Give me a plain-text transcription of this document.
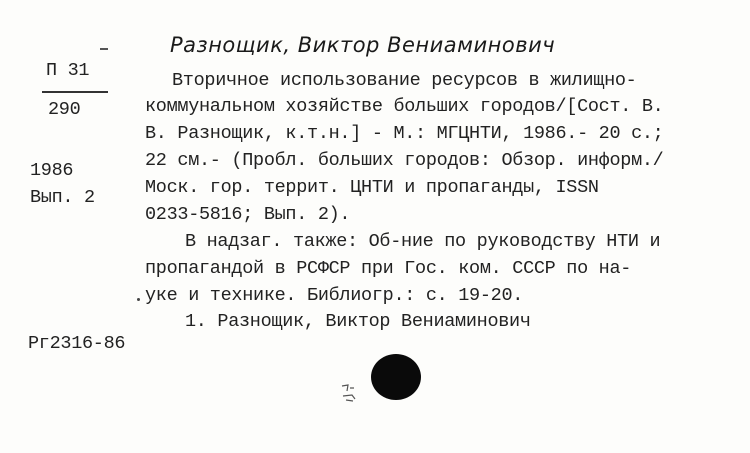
Разнощик, Виктор Вениаминович
П 31
290
1986
Вып. 2
Вторичное использование ресурсов в жилищно-
коммунальном хозяйстве больших городов/[Сост. В.
В. Разнощик, к.т.н.] - М.: МГЦНТИ, 1986.- 20 с.;
22 см.- (Пробл. больших городов: Обзор. информ./
Моск. гор. террит. ЦНТИ и пропаганды, ISSN
0233-5816; Вып. 2).
В надзаг. также: Об-ние по руководству НТИ и
пропагандой в РСФСР при Гос. ком. СССР по на-
уке и технике. Библиогр.: с. 19-20.
1. Разнощик, Виктор Вениаминович
Рг2316-86
